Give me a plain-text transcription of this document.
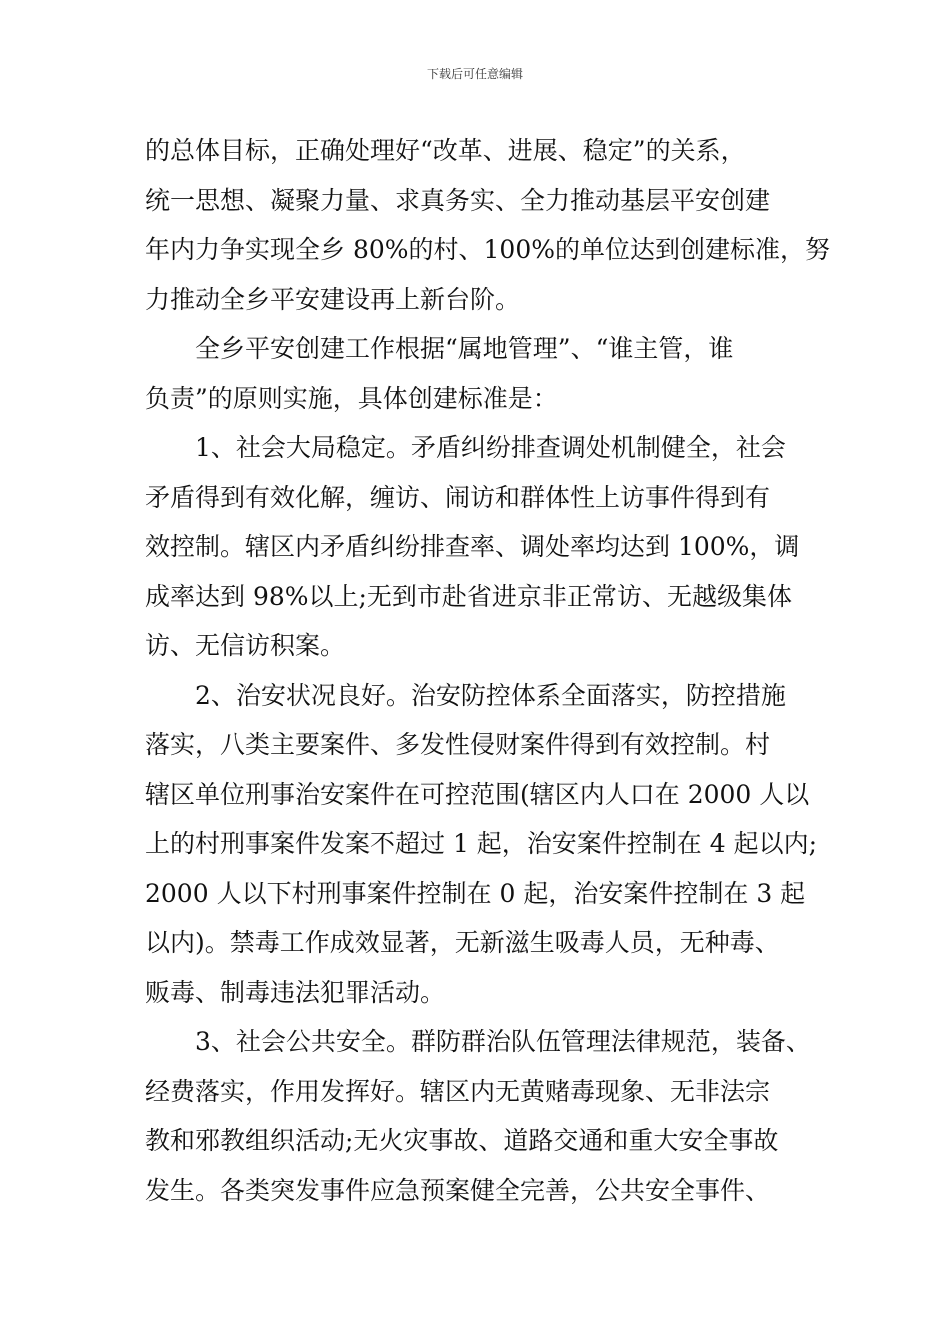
下载后可任意编辑
的总体目标，正确处理好“改革、进展、稳定”的关系，
统一思想、凝聚力量、求真务实、全力推动基层平安创建
年内力争实现全乡 80%的村、100%的单位达到创建标准，努
力推动全乡平安建设再上新台阶。
全乡平安创建工作根据“属地管理”、“谁主管，谁
负责”的原则实施，具体创建标准是：
1、社会大局稳定。矛盾纠纷排查调处机制健全，社会
矛盾得到有效化解，缠访、闹访和群体性上访事件得到有
效控制。辖区内矛盾纠纷排查率、调处率均达到 100%，调
成率达到 98%以上;无到市赴省进京非正常访、无越级集体
访、无信访积案。
2、治安状况良好。治安防控体系全面落实，防控措施
落实，八类主要案件、多发性侵财案件得到有效控制。村
辖区单位刑事治安案件在可控范围(辖区内人口在 2000 人以
上的村刑事案件发案不超过 1 起，治安案件控制在 4 起以内;
2000 人以下村刑事案件控制在 0 起，治安案件控制在 3 起
以内)。禁毒工作成效显著，无新滋生吸毒人员，无种毒、
贩毒、制毒违法犯罪活动。
3、社会公共安全。群防群治队伍管理法律规范，装备、
经费落实，作用发挥好。辖区内无黄赌毒现象、无非法宗
教和邪教组织活动;无火灾事故、道路交通和重大安全事故
发生。各类突发事件应急预案健全完善，公共安全事件、
